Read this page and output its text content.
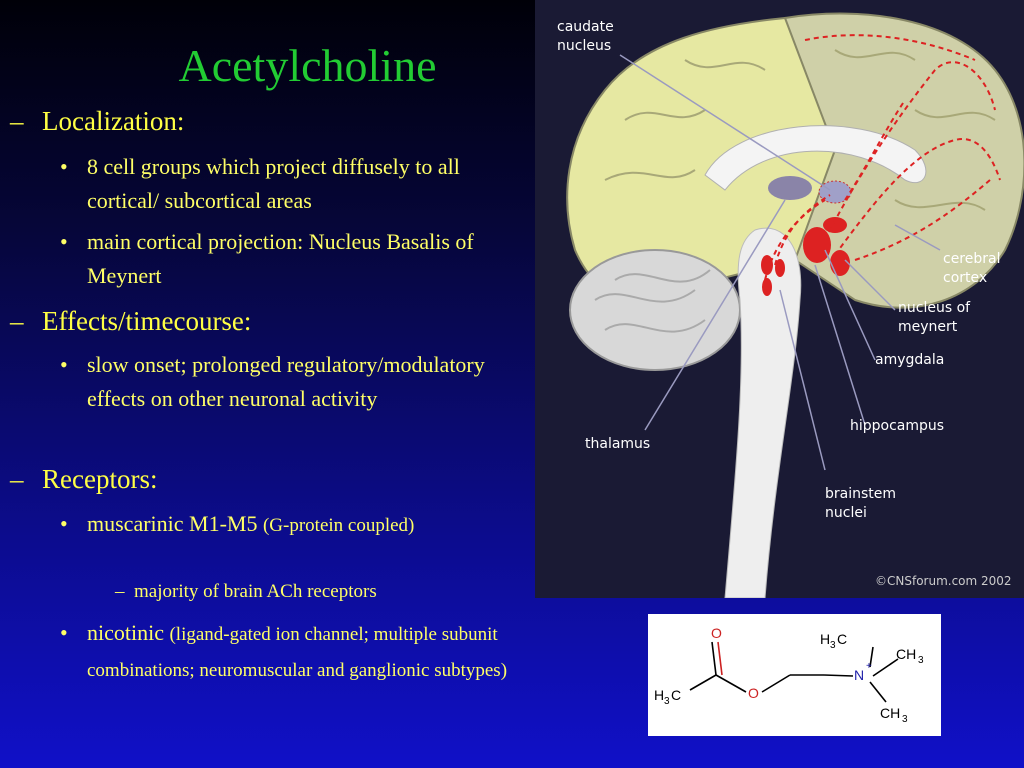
Acetylcholine
– Localization:
• 8 cell groups which project diffusely to all cortical/ subcortical areas
• main cortical projection: Nucleus Basalis of Meynert
– Effects/timecourse:
• slow onset; prolonged regulatory/modulatory effects on other neuronal activity
– Receptors:
• muscarinic M1-M5 (G-protein coupled)
– majority of brain ACh receptors
• nicotinic (ligand-gated ion channel; multiple subunit combinations; neuromuscular and ganglionic subtypes)
caudate
nucleus
cerebral
cortex
nucleus of
meynert
amygdala
hippocampus
thalamus
brainstem
nuclei
©CNSforum.com 2002
O
O
N
+
H 3 C
H 3 C
CH 3
CH 3
